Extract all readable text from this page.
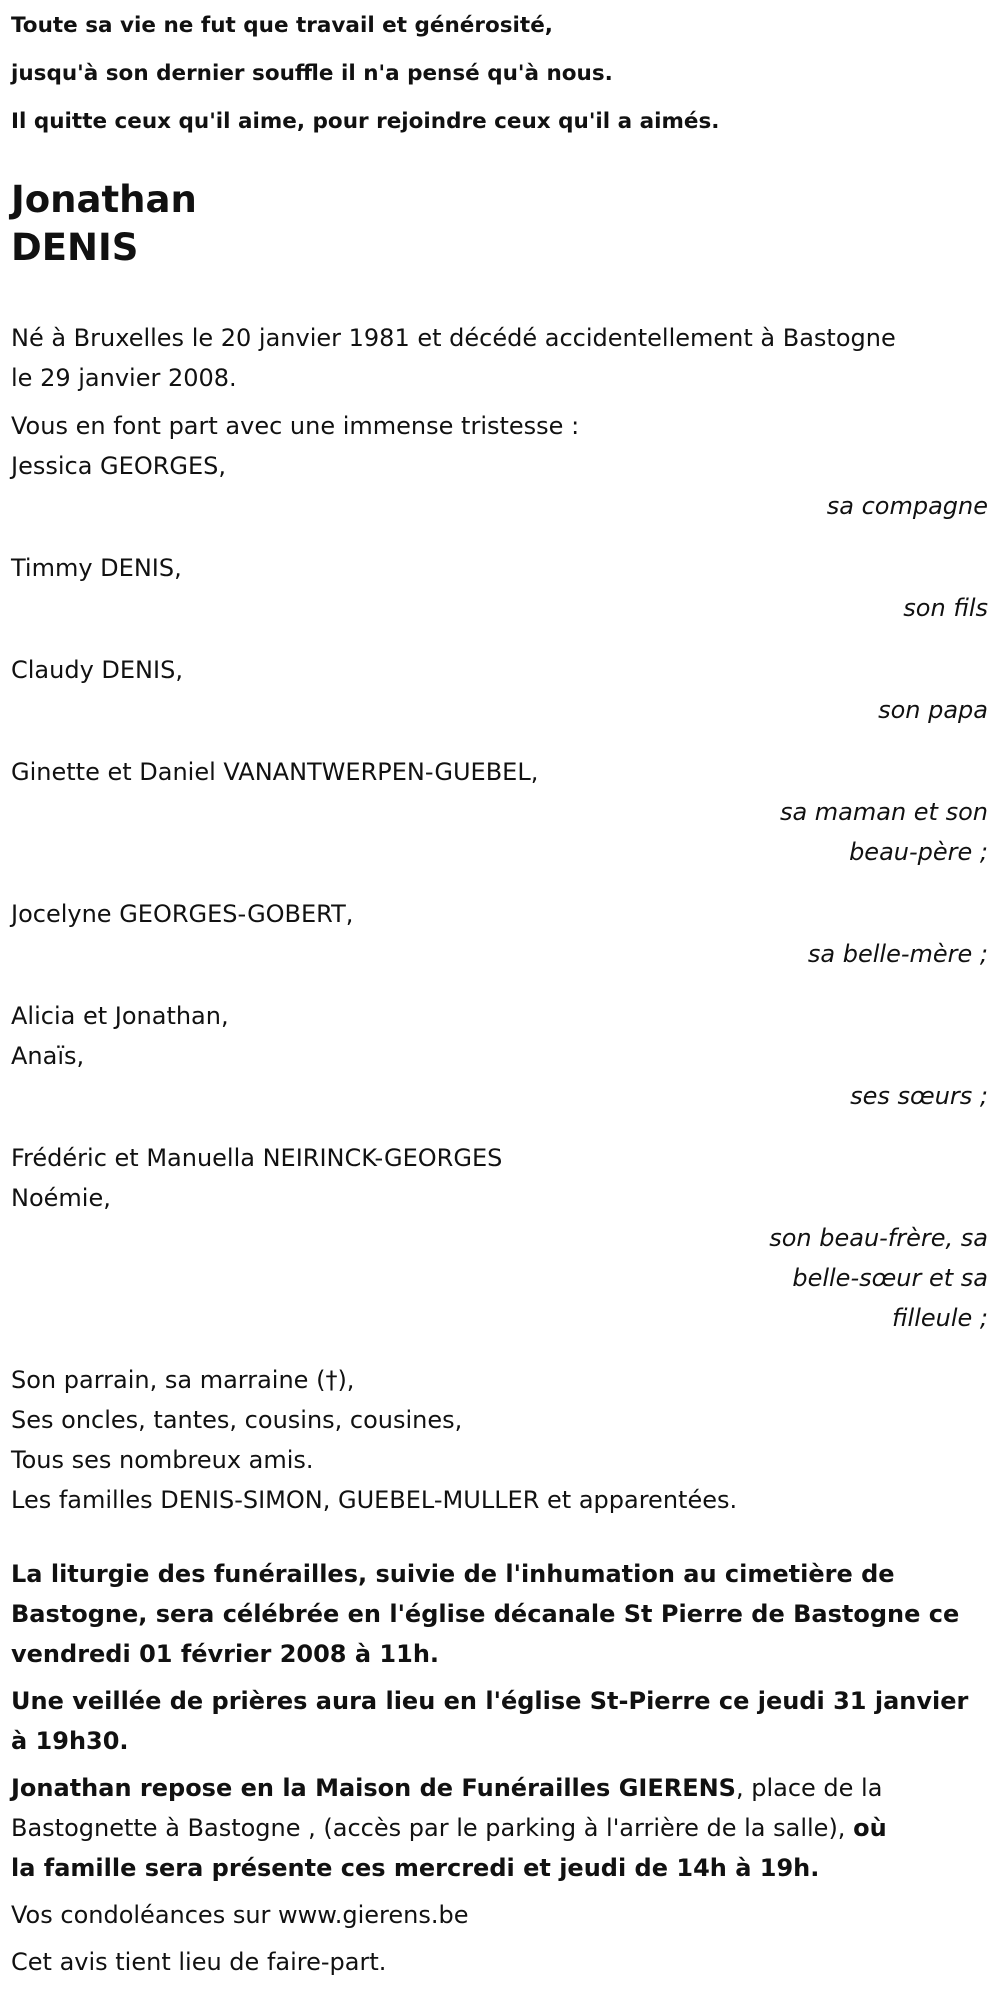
Toute sa vie ne fut que travail et générosité,

jusqu'à son dernier souffle il n'a pensé qu'à nous.

Il quitte ceux qu'il aime, pour rejoindre ceux qu'il a aimés.

Jonathan
DENIS
Né à Bruxelles le 20 janvier 1981 et décédé accidentellement à Bastogne
le 29 janvier 2008.
Vous en font part avec une immense tristesse :
Jessica GEORGES,
sa compagne
Timmy DENIS,
son fils
Claudy DENIS,
son papa
Ginette et Daniel VANANTWERPEN-GUEBEL,
sa maman et son
beau-père ;
Jocelyne GEORGES-GOBERT,
sa belle-mère ;
Alicia et Jonathan,
Anaïs,
ses sœurs ;
Frédéric et Manuella NEIRINCK-GEORGES
Noémie,
son beau-frère, sa
belle-sœur et sa
filleule ;
Son parrain, sa marraine (†),
Ses oncles, tantes, cousins, cousines,
Tous ses nombreux amis.
Les familles DENIS-SIMON, GUEBEL-MULLER et apparentées.

La liturgie des funérailles, suivie de l'inhumation au cimetière de

Bastogne, sera célébrée en l'église décanale St Pierre de Bastogne ce

vendredi 01 février 2008 à 11h.

Une veillée de prières aura lieu en l'église St-Pierre ce jeudi 31 janvier

à 19h30.

Jonathan repose en la Maison de Funérailles GIERENS, place de la

Bastognette à Bastogne , (accès par le parking à l'arrière de la salle), où

la famille sera présente ces mercredi et jeudi de 14h à 19h.

Vos condoléances sur www.gierens.be

Cet avis tient lieu de faire-part.
